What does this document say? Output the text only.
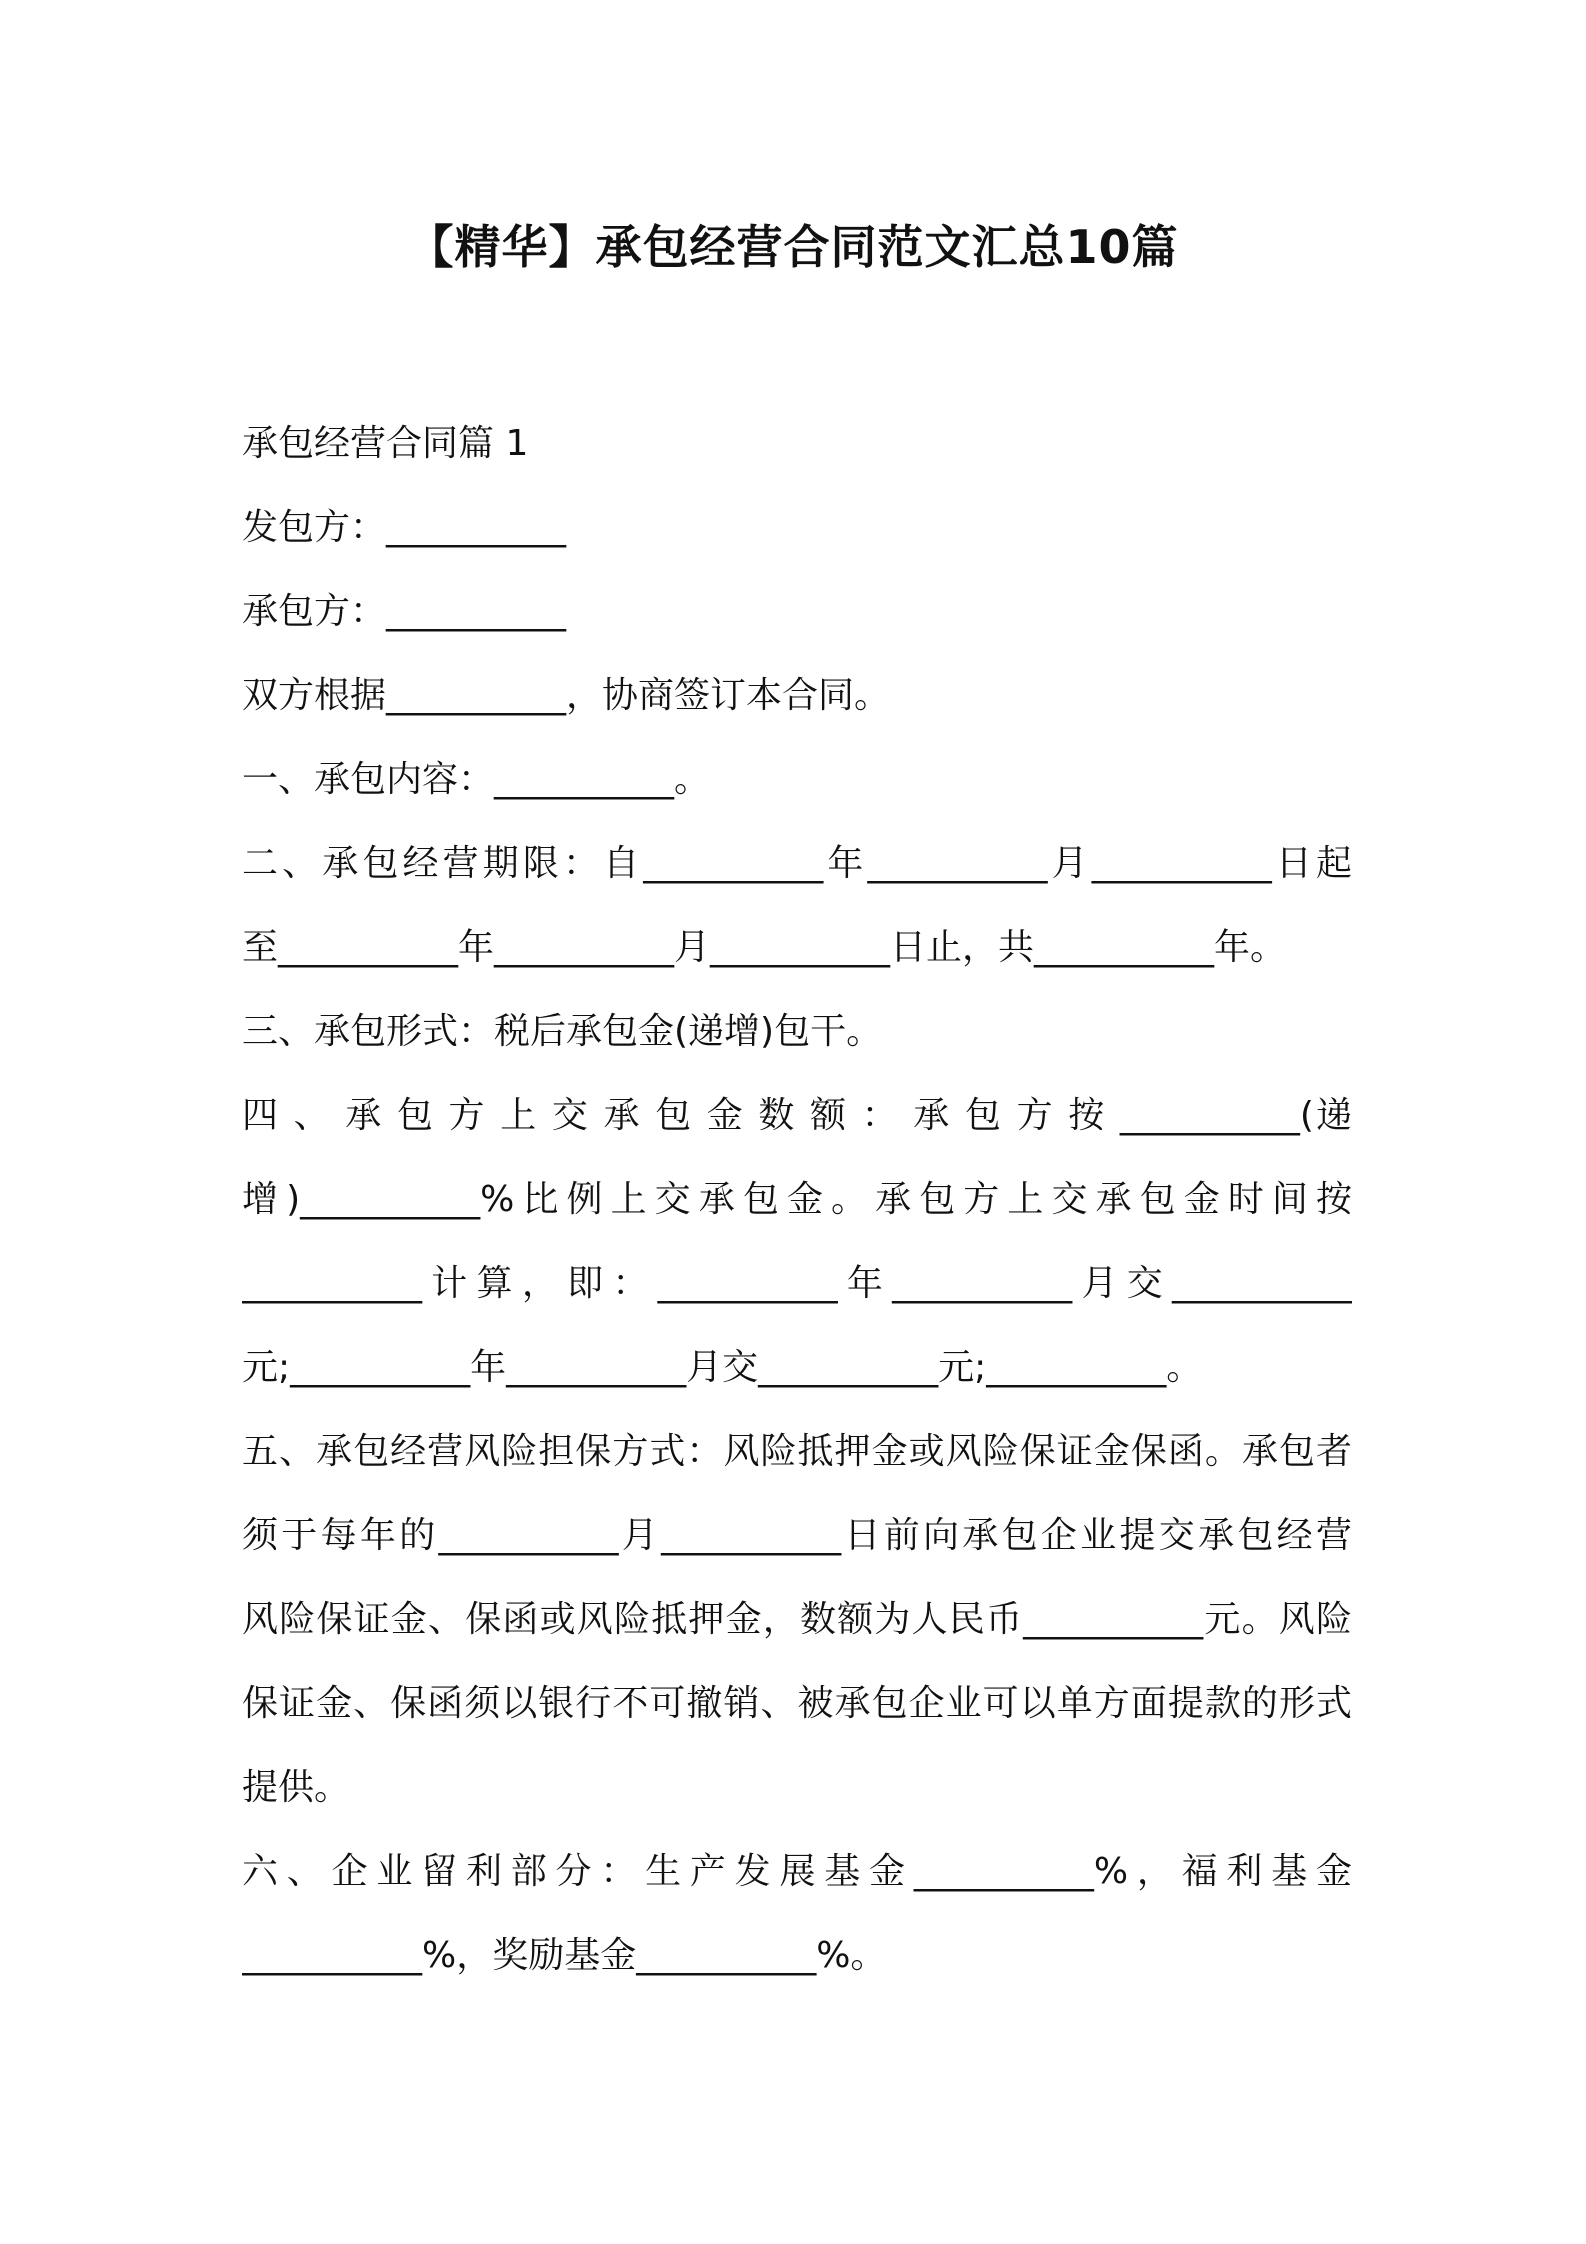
【精华】承包经营合同范文汇总10篇
承包经营合同篇 1
发包方：__________
承包方：__________
双方根据__________，协商签订本合同。
一、承包内容：__________。
二、承包经营期限：自__________年__________月__________日起
至__________年__________月__________日止，共__________年。
三、承包形式：税后承包金(递增)包干。
四 、 承 包 方 上 交 承 包 金 数 额 ： 承 包 方 按 __________(递
增)__________%比例上交承包金。承包方上交承包金时间按
__________计算，即：__________年__________月交__________
元;__________年__________月交__________元;__________。
五、承包经营风险担保方式：风险抵押金或风险保证金保函。承包者
须于每年的__________月__________日前向承包企业提交承包经营
风险保证金、保函或风险抵押金，数额为人民币__________元。风险
保证金、保函须以银行不可撤销、被承包企业可以单方面提款的形式
提供。
六、企业留利部分：生产发展基金__________%，福利基金
__________%，奖励基金__________%。
